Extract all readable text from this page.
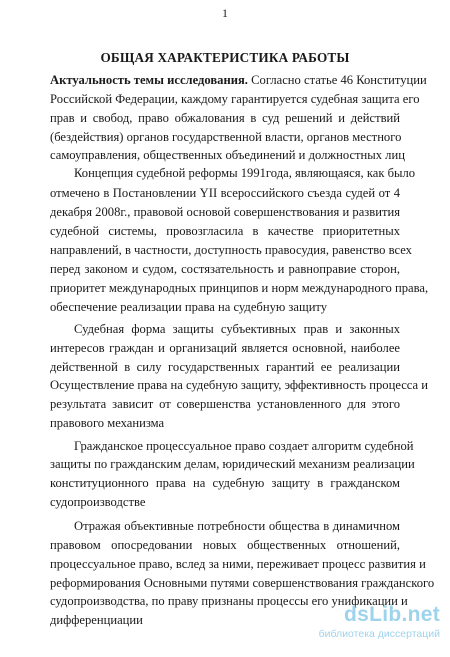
1
ОБЩАЯ ХАРАКТЕРИСТИКА РАБОТЫ
Актуальность темы исследования. Согласно статье 46 Конституции
Российской Федерации, каждому гарантируется судебная защита его
прав и свобод, право обжалования в суд решений и действий
(бездействия) органов государственной власти, органов местного
самоуправления, общественных объединений и должностных лиц
Концепция судебной реформы 1991года, являющаяся, как было
отмечено в Постановлении YII всероссийского съезда судей от 4
декабря 2008г., правовой основой совершенствования и развития
судебной системы, провозгласила в качестве приоритетных
направлений, в частности, доступность правосудия, равенство всех
перед законом и судом, состязательность и равноправие сторон,
приоритет международных принципов и норм международного права,
обеспечение реализации права на судебную защиту
Судебная форма защиты субъективных прав и законных
интересов граждан и организаций является основной, наиболее
действенной в силу государственных гарантий ее реализации
Осуществление права на судебную защиту, эффективность процесса и
результата зависит от совершенства установленного для этого
правового механизма
Гражданское процессуальное право создает алгоритм судебной
защиты по гражданским делам, юридический механизм реализации
конституционного права на судебную защиту в гражданском
судопроизводстве
Отражая объективные потребности общества в динамичном
правовом опосредовании новых общественных отношений,
процессуальное право, вслед за ними, переживает процесс развития и
реформирования Основными путями совершенствования гражданского
судопроизводства, по праву признаны процессы его унификации и
дифференциации	dsLib.net
библиотека диссертаций
